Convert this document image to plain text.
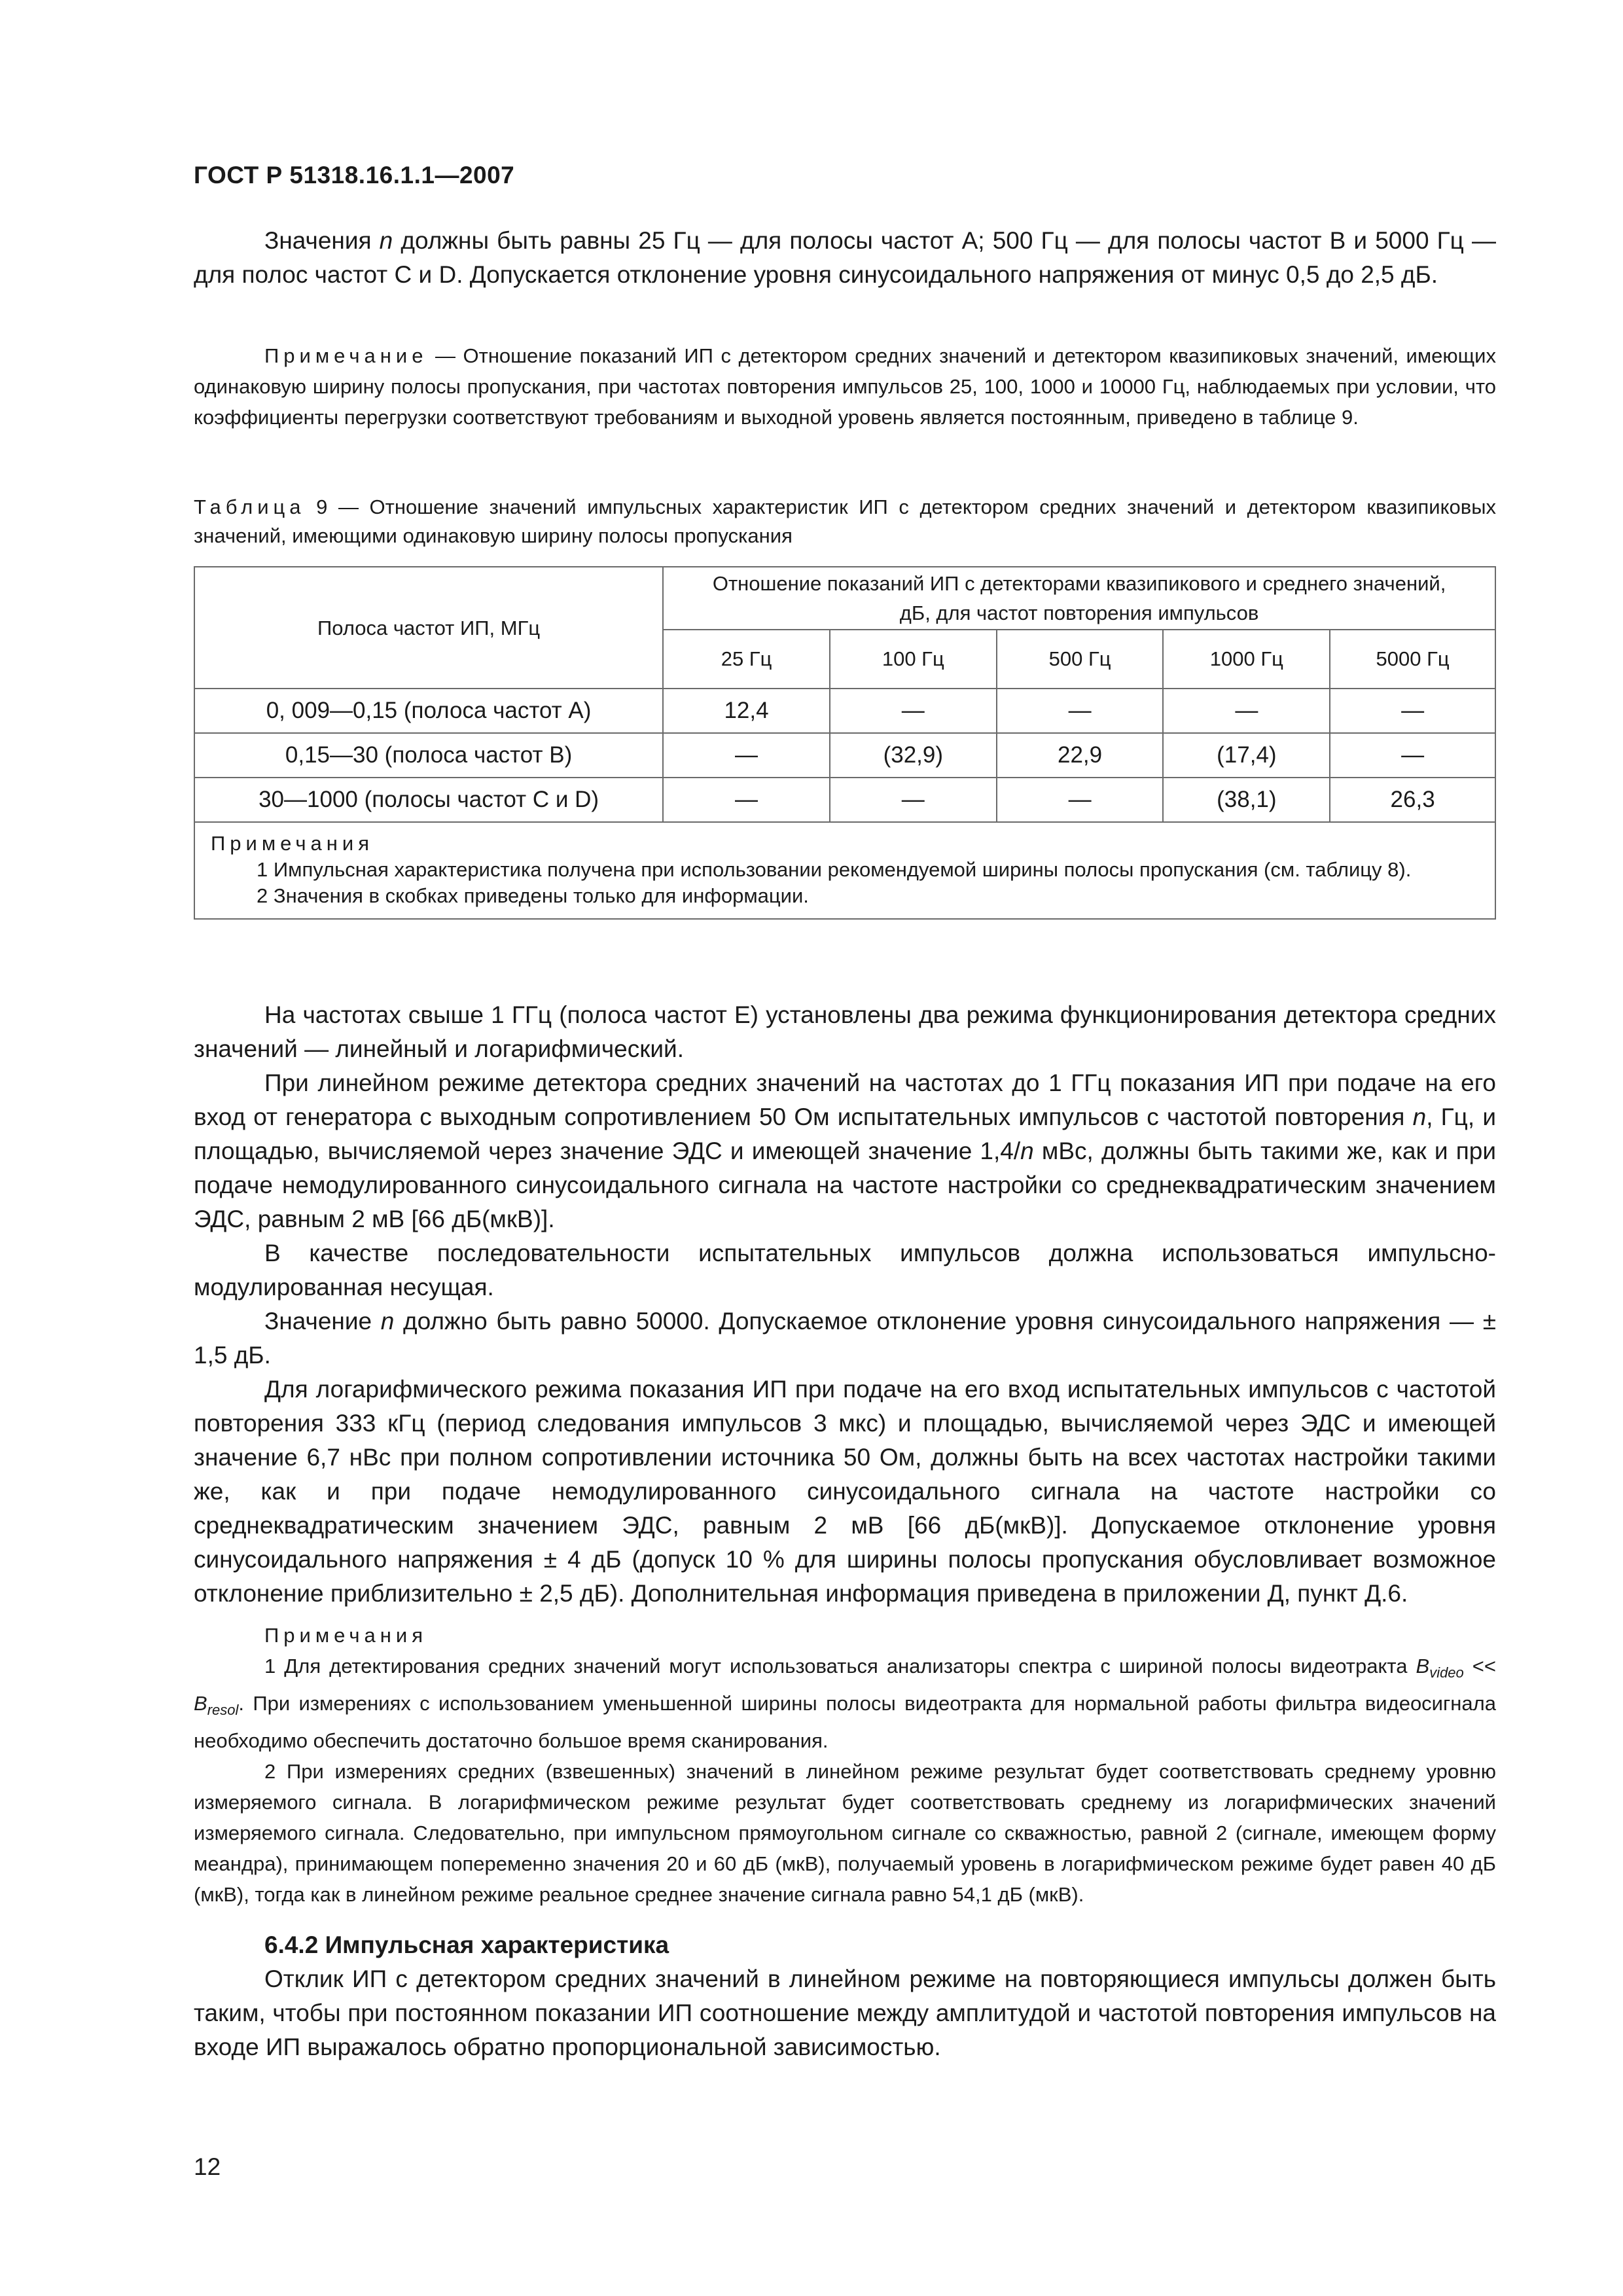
ГОСТ Р 51318.16.1.1—2007

Значения n должны быть равны 25 Гц — для полосы частот А; 500 Гц — для полосы частот В и 5000 Гц — для полос частот С и D. Допускается отклонение уровня синусоидального напряжения от минус 0,5 до 2,5 дБ.

Примечание — Отношение показаний ИП с детектором средних значений и детектором квазипиковых значений, имеющих одинаковую ширину полосы пропускания, при частотах повторения импульсов 25, 100, 1000 и 10000 Гц, наблюдаемых при условии, что коэффициенты перегрузки соответствуют требованиям и выходной уровень является постоянным, приведено в таблице 9.

Таблица 9 — Отношение значений импульсных характеристик ИП с детектором средних значений и детектором квазипиковых значений, имеющими одинаковую ширину полосы пропускания

Полоса частот ИП, МГц	Отношение показаний ИП с детекторами квазипикового и среднего значений, дБ, для частот повторения импульсов				
	25 Гц	100 Гц	500 Гц	1000 Гц	5000 Гц
0, 009—0,15 (полоса частот А)	12,4	—	—	—	—
0,15—30 (полоса частот В)	—	(32,9)	22,9	(17,4)	—
30—1000 (полосы частот С и D)	—	—	—	(38,1)	26,3
Примечания
1 Импульсная характеристика получена при использовании рекомендуемой ширины полосы пропускания (см. таблицу 8).
2 Значения в скобках приведены только для информации.					

На частотах свыше 1 ГГц (полоса частот Е) установлены два режима функционирования детектора средних значений — линейный и логарифмический.

При линейном режиме детектора средних значений на частотах до 1 ГГц показания ИП при подаче на его вход от генератора с выходным сопротивлением 50 Ом испытательных импульсов с частотой повторения n, Гц, и площадью, вычисляемой через значение ЭДС и имеющей значение 1,4/n мВс, должны быть такими же, как и при подаче немодулированного синусоидального сигнала на частоте настройки со среднеквадратическим значением ЭДС, равным 2 мВ [66 дБ(мкВ)].

В качестве последовательности испытательных импульсов должна использоваться импульсно-модулированная несущая.

Значение n должно быть равно 50000. Допускаемое отклонение уровня синусоидального напряжения — ± 1,5 дБ.

Для логарифмического режима показания ИП при подаче на его вход испытательных импульсов с частотой повторения 333 кГц (период следования импульсов 3 мкс) и площадью, вычисляемой через ЭДС и имеющей значение 6,7 нВс при полном сопротивлении источника 50 Ом, должны быть на всех частотах настройки такими же, как и при подаче немодулированного синусоидального сигнала на частоте настройки со среднеквадратическим значением ЭДС, равным 2 мВ [66 дБ(мкВ)]. Допускаемое отклонение уровня синусоидального напряжения ± 4 дБ (допуск 10 % для ширины полосы пропускания обусловливает возможное отклонение приблизительно ± 2,5 дБ). Дополнительная информация приведена в приложении Д, пункт Д.6.

Примечания

1 Для детектирования средних значений могут использоваться анализаторы спектра с шириной полосы видеотракта $B_{video} << B_{resol}$. При измерениях с использованием уменьшенной ширины полосы видеотракта для нормальной работы фильтра видеосигнала необходимо обеспечить достаточно большое время сканирования.

2 При измерениях средних (взвешенных) значений в линейном режиме результат будет соответствовать среднему уровню измеряемого сигнала. В логарифмическом режиме результат будет соответствовать среднему из логарифмических значений измеряемого сигнала. Следовательно, при импульсном прямоугольном сигнале со скважностью, равной 2 (сигнале, имеющем форму меандра), принимающем попеременно значения 20 и 60 дБ (мкВ), получаемый уровень в логарифмическом режиме будет равен 40 дБ (мкВ), тогда как в линейном режиме реальное среднее значение сигнала равно 54,1 дБ (мкВ).

6.4.2 Импульсная характеристика

Отклик ИП с детектором средних значений в линейном режиме на повторяющиеся импульсы должен быть таким, чтобы при постоянном показании ИП соотношение между амплитудой и частотой повторения импульсов на входе ИП выражалось обратно пропорциональной зависимостью.

12
